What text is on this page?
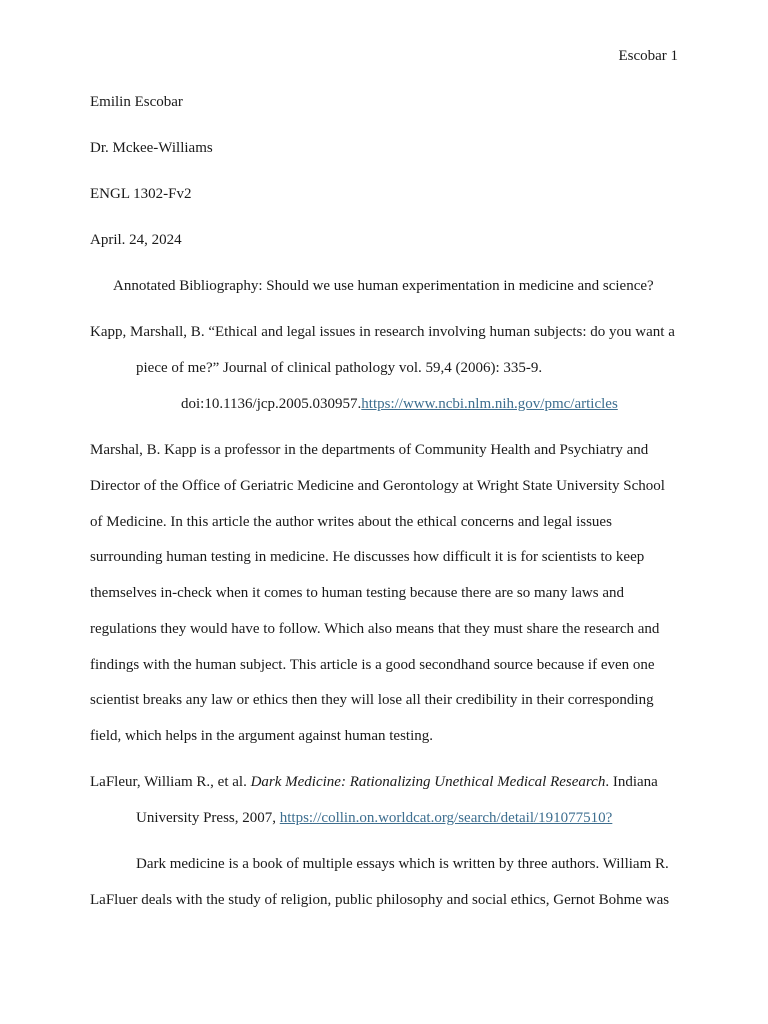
Escobar 1
Emilin Escobar
Dr. Mckee-Williams
ENGL 1302-Fv2
April. 24, 2024
Annotated Bibliography: Should we use human experimentation in medicine and science?
Kapp, Marshall, B. “Ethical and legal issues in research involving human subjects: do you want a
piece of me?” Journal of clinical pathology vol. 59,4 (2006): 335-9.
doi:10.1136/jcp.2005.030957.https://www.ncbi.nlm.nih.gov/pmc/articles
Marshal, B. Kapp is a professor in the departments of Community Health and Psychiatry and
Director of the Office of Geriatric Medicine and Gerontology at Wright State University School
of Medicine. In this article the author writes about the ethical concerns and legal issues
surrounding human testing in medicine. He discusses how difficult it is for scientists to keep
themselves in-check when it comes to human testing because there are so many laws and
regulations they would have to follow. Which also means that they must share the research and
findings with the human subject. This article is a good secondhand source because if even one
scientist breaks any law or ethics then they will lose all their credibility in their corresponding
field, which helps in the argument against human testing.
LaFleur, William R., et al. Dark Medicine: Rationalizing Unethical Medical Research. Indiana
University Press, 2007, https://collin.on.worldcat.org/search/detail/191077510?
Dark medicine is a book of multiple essays which is written by three authors. William R.
LaFluer deals with the study of religion, public philosophy and social ethics, Gernot Bohme was
